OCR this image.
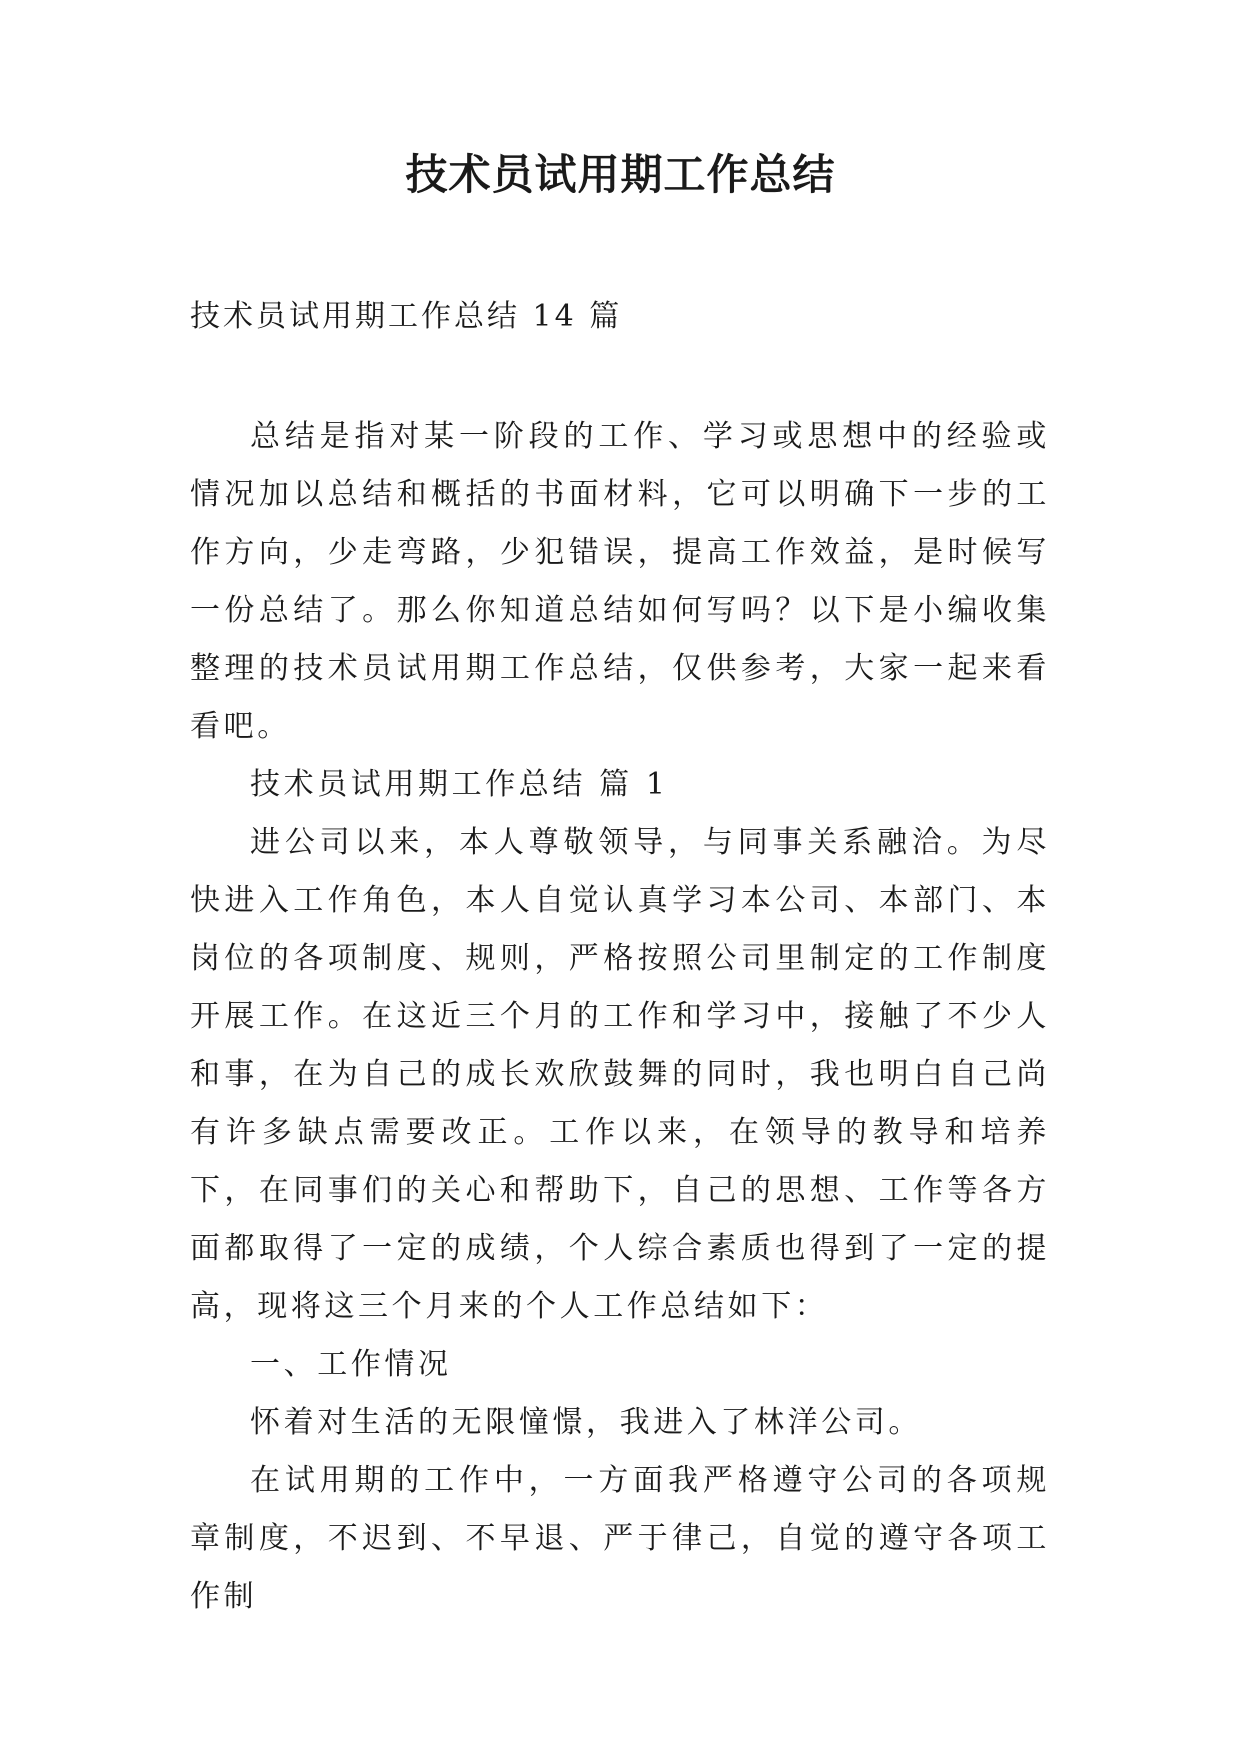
技术员试用期工作总结
技术员试用期工作总结 14 篇

总结是指对某一阶段的工作、学习或思想中的经验或情况加以总结和概括的书面材料，它可以明确下一步的工作方向，少走弯路，少犯错误，提高工作效益，是时候写一份总结了。那么你知道总结如何写吗？以下是小编收集整理的技术员试用期工作总结，仅供参考，大家一起来看看吧。

技术员试用期工作总结 篇 1

进公司以来，本人尊敬领导，与同事关系融洽。为尽快进入工作角色，本人自觉认真学习本公司、本部门、本岗位的各项制度、规则，严格按照公司里制定的工作制度开展工作。在这近三个月的工作和学习中，接触了不少人和事，在为自己的成长欢欣鼓舞的同时，我也明白自己尚有许多缺点需要改正。工作以来，在领导的教导和培养下，在同事们的关心和帮助下，自己的思想、工作等各方面都取得了一定的成绩，个人综合素质也得到了一定的提高，现将这三个月来的个人工作总结如下：

一、工作情况

怀着对生活的无限憧憬，我进入了林洋公司。

在试用期的工作中，一方面我严格遵守公司的各项规章制度，不迟到、不早退、严于律己，自觉的遵守各项工作制
